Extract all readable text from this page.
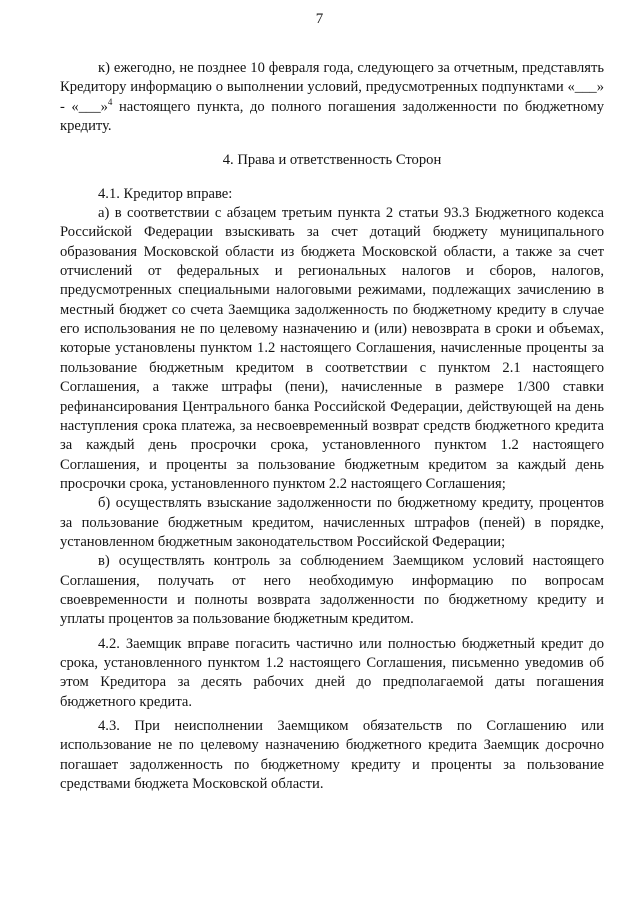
7

к) ежегодно, не позднее 10 февраля года, следующего за отчетным, представлять Кредитору информацию о выполнении условий, предусмотренных подпунктами «___» - «___»$^4$ настоящего пункта, до полного погашения задолженности по бюджетному кредиту.

4. Права и ответственность Сторон

4.1. Кредитор вправе:

а) в соответствии с абзацем третьим пункта 2 статьи 93.3 Бюджетного кодекса Российской Федерации взыскивать за счет дотаций бюджету муниципального образования Московской области из бюджета Московской области, а также за счет отчислений от федеральных и региональных налогов и сборов, налогов, предусмотренных специальными налоговыми режимами, подлежащих зачислению в местный бюджет со счета Заемщика задолженность по бюджетному кредиту в случае его использования не по целевому назначению и (или) невозврата в сроки и объемах, которые установлены пунктом 1.2 настоящего Соглашения, начисленные проценты за пользование бюджетным кредитом в соответствии с пунктом 2.1 настоящего Соглашения, а также штрафы (пени), начисленные в размере 1/300 ставки рефинансирования Центрального банка Российской Федерации, действующей на день наступления срока платежа, за несвоевременный возврат средств бюджетного кредита за каждый день просрочки срока, установленного пунктом 1.2 настоящего Соглашения, и проценты за пользование бюджетным кредитом за каждый день просрочки срока, установленного пунктом 2.2 настоящего Соглашения;

б) осуществлять взыскание задолженности по бюджетному кредиту, процентов за пользование бюджетным кредитом, начисленных штрафов (пеней) в порядке, установленном бюджетным законодательством Российской Федерации;

в) осуществлять контроль за соблюдением Заемщиком условий настоящего Соглашения, получать от него необходимую информацию по вопросам своевременности и полноты возврата задолженности по бюджетному кредиту и уплаты процентов за пользование бюджетным кредитом.

4.2. Заемщик вправе погасить частично или полностью бюджетный кредит до срока, установленного пунктом 1.2 настоящего Соглашения, письменно уведомив об этом Кредитора за десять рабочих дней до предполагаемой даты погашения бюджетного кредита.

4.3. При неисполнении Заемщиком обязательств по Соглашению или использование не по целевому назначению бюджетного кредита Заемщик досрочно погашает задолженность по бюджетному кредиту и проценты за пользование средствами бюджета Московской области.
